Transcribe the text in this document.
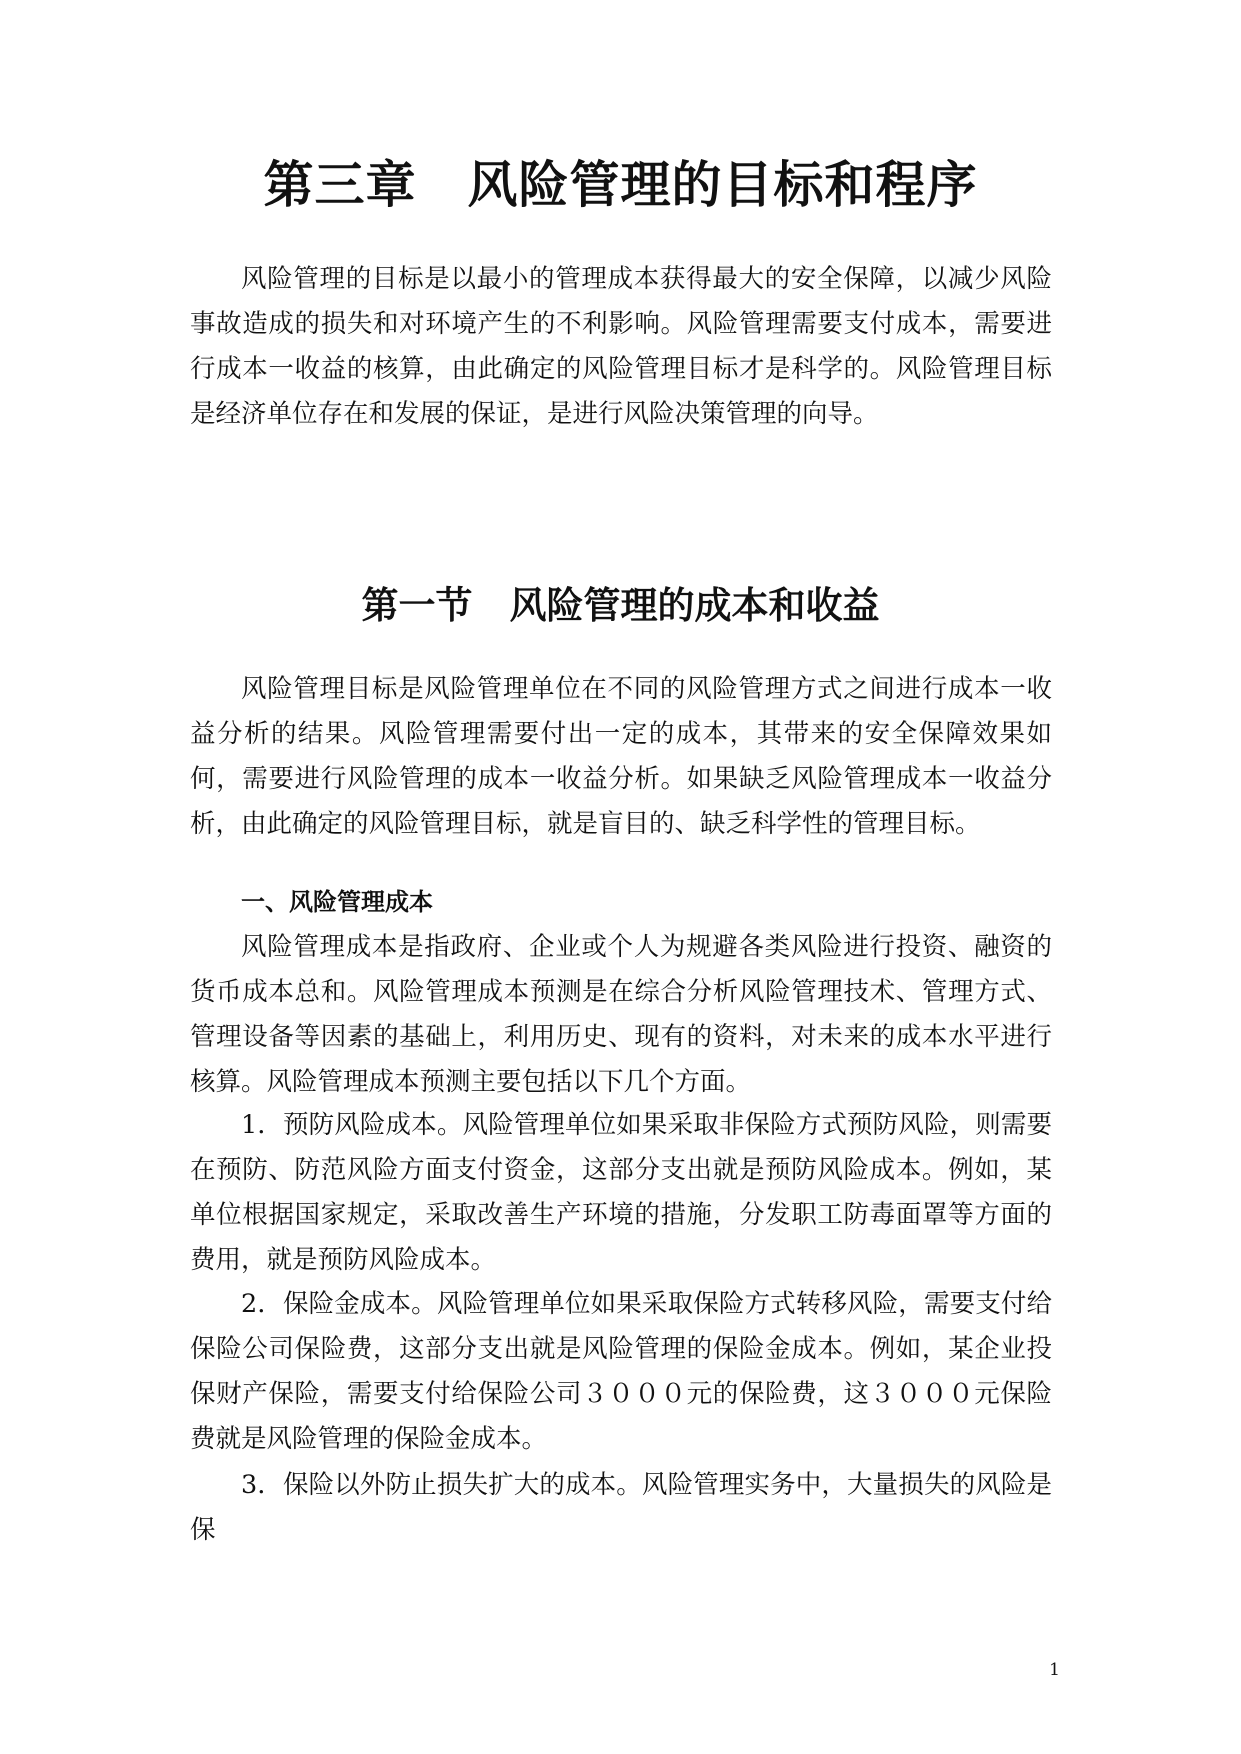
第三章　风险管理的目标和程序

风险管理的目标是以最小的管理成本获得最大的安全保障，以减少风险事故造成的损失和对环境产生的不利影响。风险管理需要支付成本，需要进行成本一收益的核算，由此确定的风险管理目标才是科学的。风险管理目标是经济单位存在和发展的保证，是进行风险决策管理的向导。

第一节　风险管理的成本和收益

风险管理目标是风险管理单位在不同的风险管理方式之间进行成本一收益分析的结果。风险管理需要付出一定的成本，其带来的安全保障效果如何，需要进行风险管理的成本一收益分析。如果缺乏风险管理成本一收益分析，由此确定的风险管理目标，就是盲目的、缺乏科学性的管理目标。

一、风险管理成本

风险管理成本是指政府、企业或个人为规避各类风险进行投资、融资的货币成本总和。风险管理成本预测是在综合分析风险管理技术、管理方式、管理设备等因素的基础上，利用历史、现有的资料，对未来的成本水平进行核算。风险管理成本预测主要包括以下几个方面。

1．预防风险成本。风险管理单位如果采取非保险方式预防风险，则需要在预防、防范风险方面支付资金，这部分支出就是预防风险成本。例如，某单位根据国家规定，采取改善生产环境的措施，分发职工防毒面罩等方面的费用，就是预防风险成本。

2．保险金成本。风险管理单位如果采取保险方式转移风险，需要支付给保险公司保险费，这部分支出就是风险管理的保险金成本。例如，某企业投保财产保险，需要支付给保险公司３０００元的保险费，这３０００元保险费就是风险管理的保险金成本。

3．保险以外防止损失扩大的成本。风险管理实务中，大量损失的风险是保

1
